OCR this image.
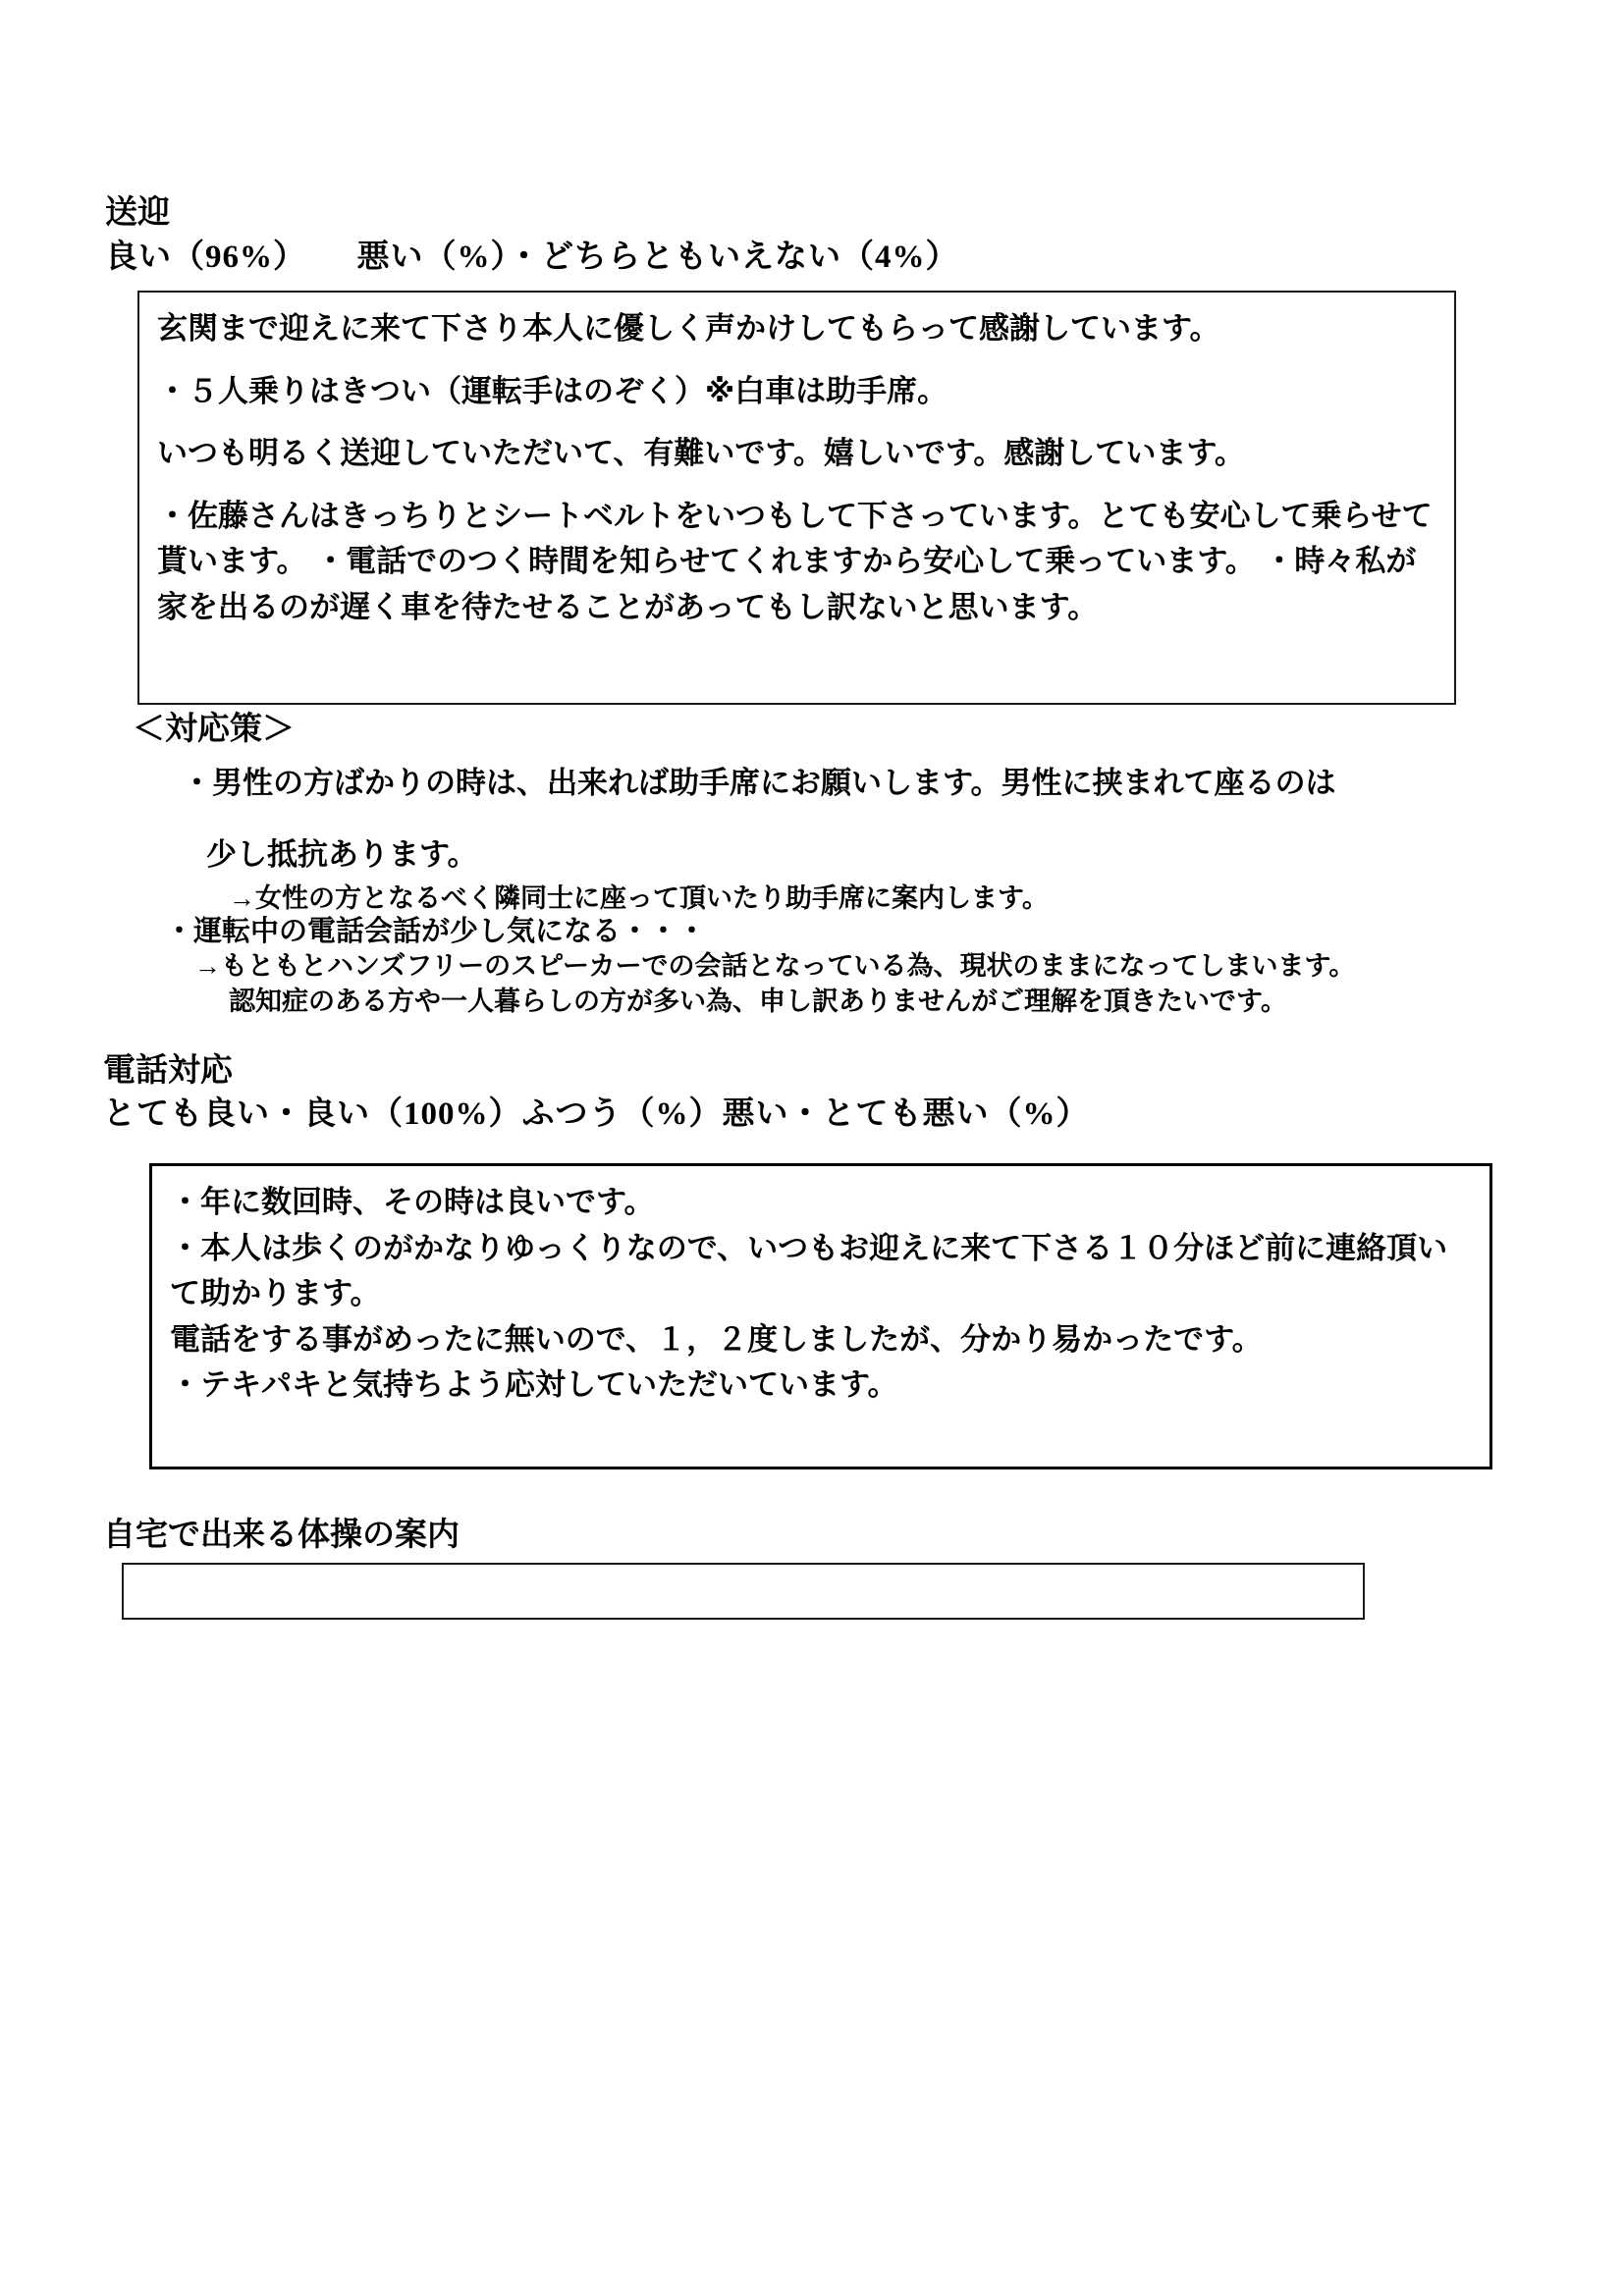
送迎
良い（96%）　　悪い（%）・どちらともいえない（4%）

玄関まで迎えに来て下さり本人に優しく声かけしてもらって感謝しています。

・５人乗りはきつい（運転手はのぞく）※白車は助手席。

いつも明るく送迎していただいて、有難いです。嬉しいです。感謝しています。

・佐藤さんはきっちりとシートベルトをいつもして下さっています。とても安心して乗らせて貰います。 ・電話でのつく時間を知らせてくれますから安心して乗っています。 ・時々私が家を出るのが遅く車を待たせることがあってもし訳ないと思います。

＜対応策＞
・男性の方ばかりの時は、出来れば助手席にお願いします。男性に挟まれて座るのは
少し抵抗あります。
→女性の方となるべく隣同士に座って頂いたり助手席に案内します。
・運転中の電話会話が少し気になる・・・
→もともとハンズフリーのスピーカーでの会話となっている為、現状のままになってしまいます。
認知症のある方や一人暮らしの方が多い為、申し訳ありませんがご理解を頂きたいです。
電話対応
とても良い・良い（100%）ふつう（%）悪い・とても悪い（%）

・年に数回時、その時は良いです。

・本人は歩くのがかなりゆっくりなので、いつもお迎えに来て下さる１０分ほど前に連絡頂いて助かります。

電話をする事がめったに無いので、１，２度しましたが、分かり易かったです。

・テキパキと気持ちよう応対していただいています。

自宅で出来る体操の案内
